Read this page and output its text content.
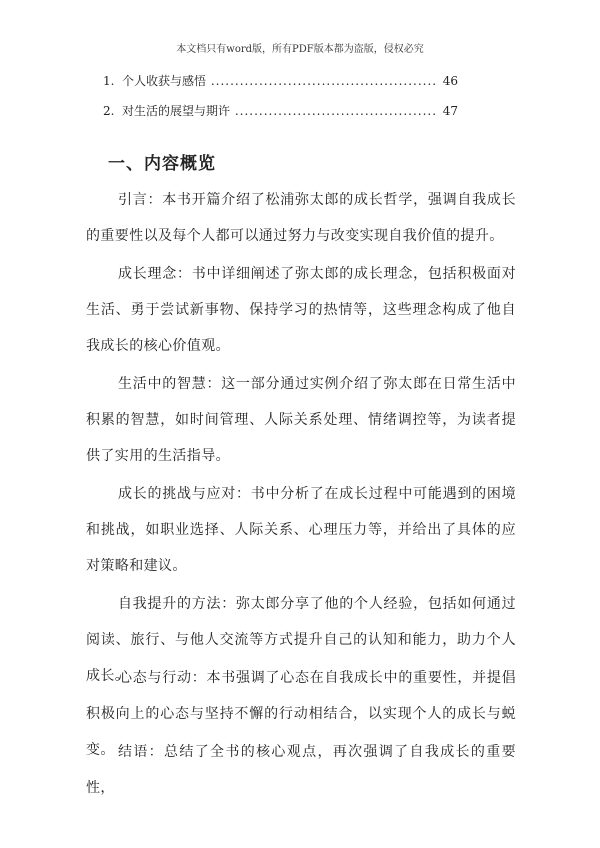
本文档只有word版，所有PDF版本都为盗版，侵权必究
1. 个人收获与感悟 .....	46
2. 对生活的展望与期许 .....	47
一、内容概览

引言：本书开篇介绍了松浦弥太郎的成长哲学，强调自我成长的重要性以及每个人都可以通过努力与改变实现自我价值的提升。

成长理念：书中详细阐述了弥太郎的成长理念，包括积极面对生活、勇于尝试新事物、保持学习的热情等，这些理念构成了他自我成长的核心价值观。

生活中的智慧：这一部分通过实例介绍了弥太郎在日常生活中积累的智慧，如时间管理、人际关系处理、情绪调控等，为读者提供了实用的生活指导。

成长的挑战与应对：书中分析了在成长过程中可能遇到的困境和挑战，如职业选择、人际关系、心理压力等，并给出了具体的应对策略和建议。

自我提升的方法：弥太郎分享了他的个人经验，包括如何通过阅读、旅行、与他人交流等方式提升自己的认知和能力，助力个人成长。

心态与行动：本书强调了心态在自我成长中的重要性，并提倡积极向上的心态与坚持不懈的行动相结合，以实现个人的成长与蜕变。 结语：总结了全书的核心观点，再次强调了自我成长的重要性，
